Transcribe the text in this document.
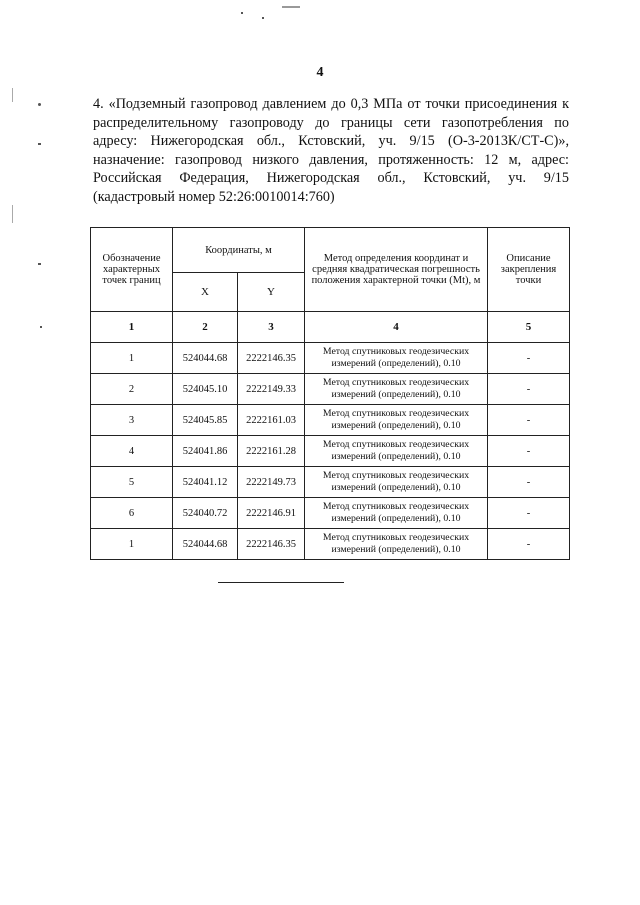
4
4. «Подземный газопровод давлением до 0,3 МПа от точки присоединения к распределительному газопроводу до границы сети газопотребления по адресу: Нижегородская обл., Кстовский, уч. 9/15 (О-3-2013К/СТ-С)», назначение: газопровод низкого давления, протяженность: 12 м, адрес: Российская Федерация, Нижегородская обл., Кстовский, уч. 9/15 (кадастровый номер 52:26:0010014:760)
Обозначение характерных точек границ	Координаты, м		Метод определения координат и средняя квадратическая погрешность положения характерной точки (Mt), м	Описание закрепления точки
	X	Y		
1	2	3	4	5
1	524044.68	2222146.35	Метод спутниковых геодезических измерений (определений), 0.10	-
2	524045.10	2222149.33	Метод спутниковых геодезических измерений (определений), 0.10	-
3	524045.85	2222161.03	Метод спутниковых геодезических измерений (определений), 0.10	-
4	524041.86	2222161.28	Метод спутниковых геодезических измерений (определений), 0.10	-
5	524041.12	2222149.73	Метод спутниковых геодезических измерений (определений), 0.10	-
6	524040.72	2222146.91	Метод спутниковых геодезических измерений (определений), 0.10	-
1	524044.68	2222146.35	Метод спутниковых геодезических измерений (определений), 0.10	-
